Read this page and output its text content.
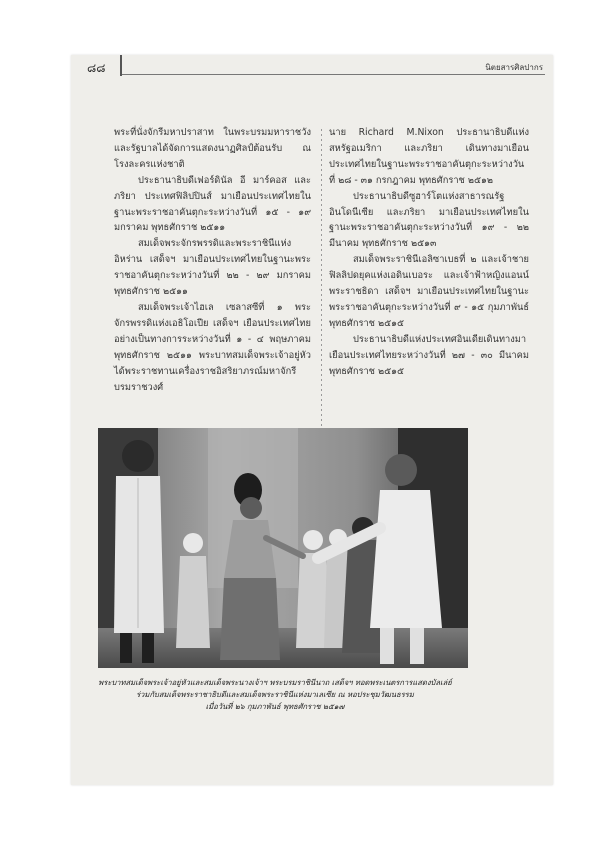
๘๘	นิตยสารศิลปากร

พระที่นั่งจักรีมหาปราสาท ในพระบรมมหาราชวัง และรัฐบาลได้จัดการแสดงนาฏศิลป์ต้อนรับ ณ โรงละครแห่งชาติ

ประธานาธิบดีเฟอร์ดินัล อี มาร์คอส และภริยา ประเทศฟิลิปปินส์ มาเยือนประเทศไทยในฐานะพระราชอาคันตุกะระหว่างวันที่ ๑๕ - ๑๙ มกราคม พุทธศักราช ๒๕๑๑

สมเด็จพระจักรพรรดิและพระราชินีแห่งอิหร่าน เสด็จฯ มาเยือนประเทศไทยในฐานะพระราชอาคันตุกะระหว่างวันที่ ๒๒ - ๒๙ มกราคม พุทธศักราช ๒๕๑๑

สมเด็จพระเจ้าไฮเล เซลาสซีที่ ๑ พระจักรพรรดิแห่งเอธิโอเปีย เสด็จฯ เยือนประเทศไทยอย่างเป็นทางการระหว่างวันที่ ๑ - ๔ พฤษภาคม พุทธศักราช ๒๕๑๑ พระบาทสมเด็จพระเจ้าอยู่หัวได้พระราชทานเครื่องราชอิสริยาภรณ์มหาจักรีบรมราชวงศ์

นาย Richard M.Nixon ประธานาธิบดีแห่งสหรัฐอเมริกา และภริยา เดินทางมาเยือนประเทศไทยในฐานะพระราชอาคันตุกะระหว่างวันที่ ๒๘ - ๓๑ กรกฎาคม พุทธศักราช ๒๕๑๒

ประธานาธิบดีซูฮาร์โตแห่งสาธารณรัฐอินโดนีเซีย และภริยา มาเยือนประเทศไทยในฐานะพระราชอาคันตุกะระหว่างวันที่ ๑๙ - ๒๒ มีนาคม พุทธศักราช ๒๕๑๓

สมเด็จพระราชินีเอลิซาเบธที่ ๒ และเจ้าชายฟิลลิปดยุคแห่งเอดินเบอระ และเจ้าฟ้าหญิงแอนน์ พระราชธิดา เสด็จฯ มาเยือนประเทศไทยในฐานะพระราชอาคันตุกะระหว่างวันที่ ๙ - ๑๕ กุมภาพันธ์ พุทธศักราช ๒๕๑๕

ประธานาธิบดีแห่งประเทศอินเดียเดินทางมาเยือนประเทศไทยระหว่างวันที่ ๒๗ - ๓๐ มีนาคม พุทธศักราช ๒๕๑๕

พระบาทสมเด็จพระเจ้าอยู่หัวและสมเด็จพระนางเจ้าฯ พระบรมราชินีนาถ เสด็จฯ ทอดพระเนตรการแสดงบัลเล่ย์
ร่วมกับสมเด็จพระราชาธิบดีและสมเด็จพระราชินีแห่งมาเลเซีย ณ หอประชุมวัฒนธรรม
เมื่อวันที่ ๒๖ กุมภาพันธ์ พุทธศักราช ๒๕๑๗
